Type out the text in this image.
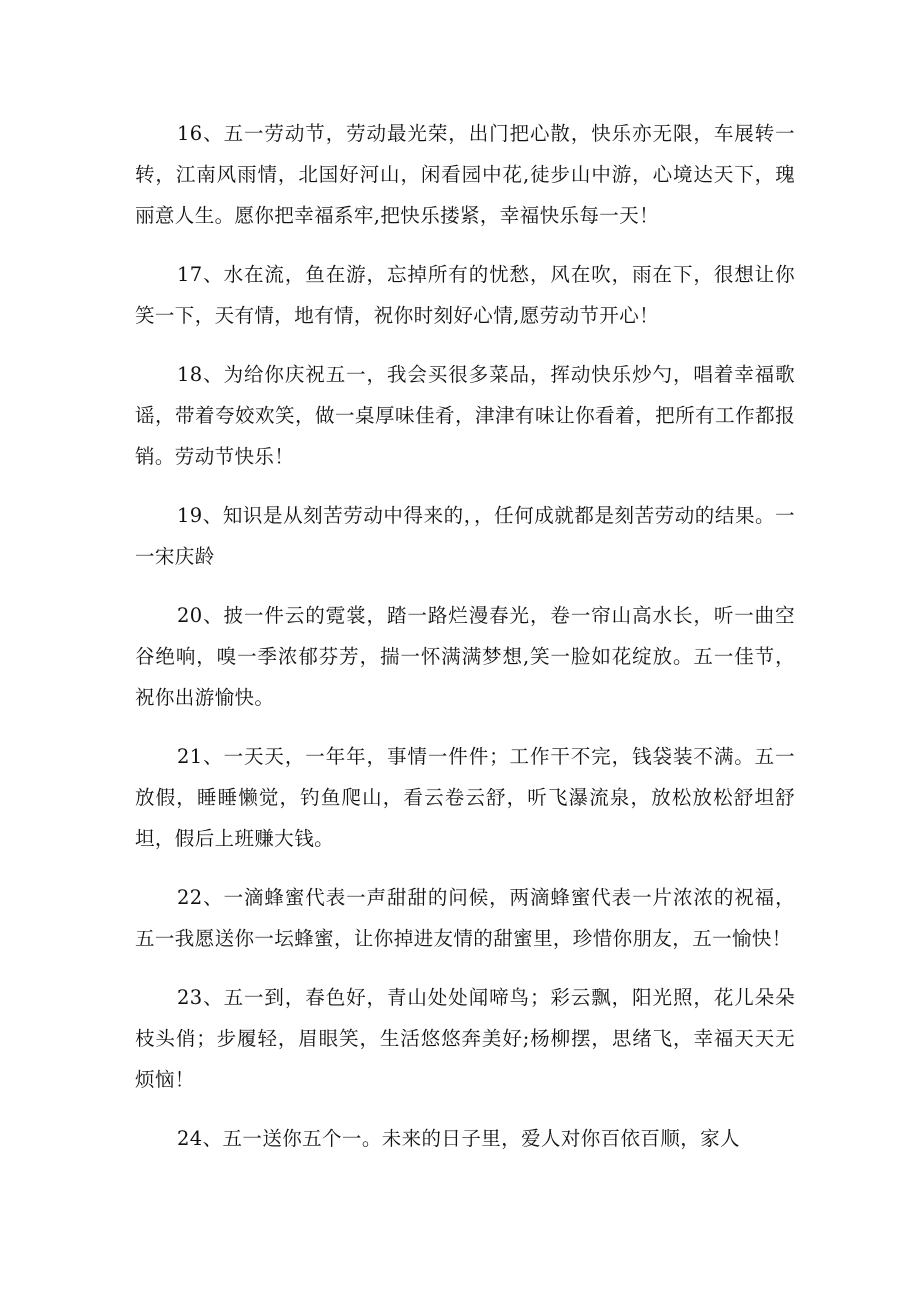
16、五一劳动节，劳动最光荣，出门把心散，快乐亦无限，车展转一转，江南风雨情，北国好河山，闲看园中花,徒步山中游，心境达天下，瑰丽意人生。愿你把幸福系牢,把快乐搂紧，幸福快乐每一天！

17、水在流，鱼在游，忘掉所有的忧愁，风在吹，雨在下，很想让你笑一下，天有情，地有情，祝你时刻好心情,愿劳动节开心！

18、为给你庆祝五一，我会买很多菜品，挥动快乐炒勺，唱着幸福歌谣，带着夸姣欢笑，做一桌厚味佳肴，津津有味让你看着，把所有工作都报销。劳动节快乐！

19、知识是从刻苦劳动中得来的，，任何成就都是刻苦劳动的结果。一一宋庆龄

20、披一件云的霓裳，踏一路烂漫春光，卷一帘山高水长，听一曲空谷绝响，嗅一季浓郁芬芳，揣一怀满满梦想,笑一脸如花绽放。五一佳节，祝你出游愉快。

21、一天天，一年年，事情一件件；工作干不完，钱袋装不满。五一放假，睡睡懒觉，钓鱼爬山，看云卷云舒，听飞瀑流泉，放松放松舒坦舒坦，假后上班赚大钱。

22、一滴蜂蜜代表一声甜甜的问候，两滴蜂蜜代表一片浓浓的祝福，五一我愿送你一坛蜂蜜，让你掉进友情的甜蜜里，珍惜你朋友，五一愉快！

23、五一到，春色好，青山处处闻啼鸟；彩云飘，阳光照，花儿朵朵枝头俏；步履轻，眉眼笑，生活悠悠奔美好;杨柳摆，思绪飞，幸福天天无烦恼！

24、五一送你五个一。未来的日子里，爱人对你百依百顺，家人
